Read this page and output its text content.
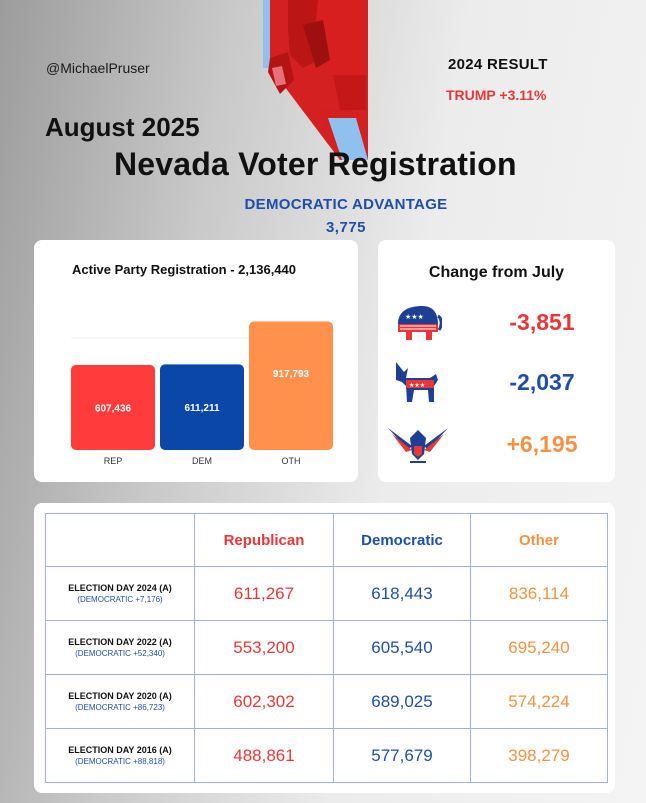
@MichaelPruser	2024 RESULT
TRUMP +3.11%
August 2025
Nevada Voter Registration
DEMOCRATIC ADVANTAGE
3,775
Active Party Registration - 2,136,440
607,436
REP
611,211
DEM
917,793
OTH
Change from July
★★★
★★★
-3,851
-2,037
+6,195
	Republican	Democratic	Other

ELECTION DAY 2024 (A)
(DEMOCRATIC +7,176)	611,267	618,443	836,114

ELECTION DAY 2022 (A)
(DEMOCRATIC +52,340)	553,200	605,540	695,240

ELECTION DAY 2020 (A)
(DEMOCRATIC +86,723)	602,302	689,025	574,224

ELECTION DAY 2016 (A)
(DEMOCRATIC +88,818)	488,861	577,679	398,279
